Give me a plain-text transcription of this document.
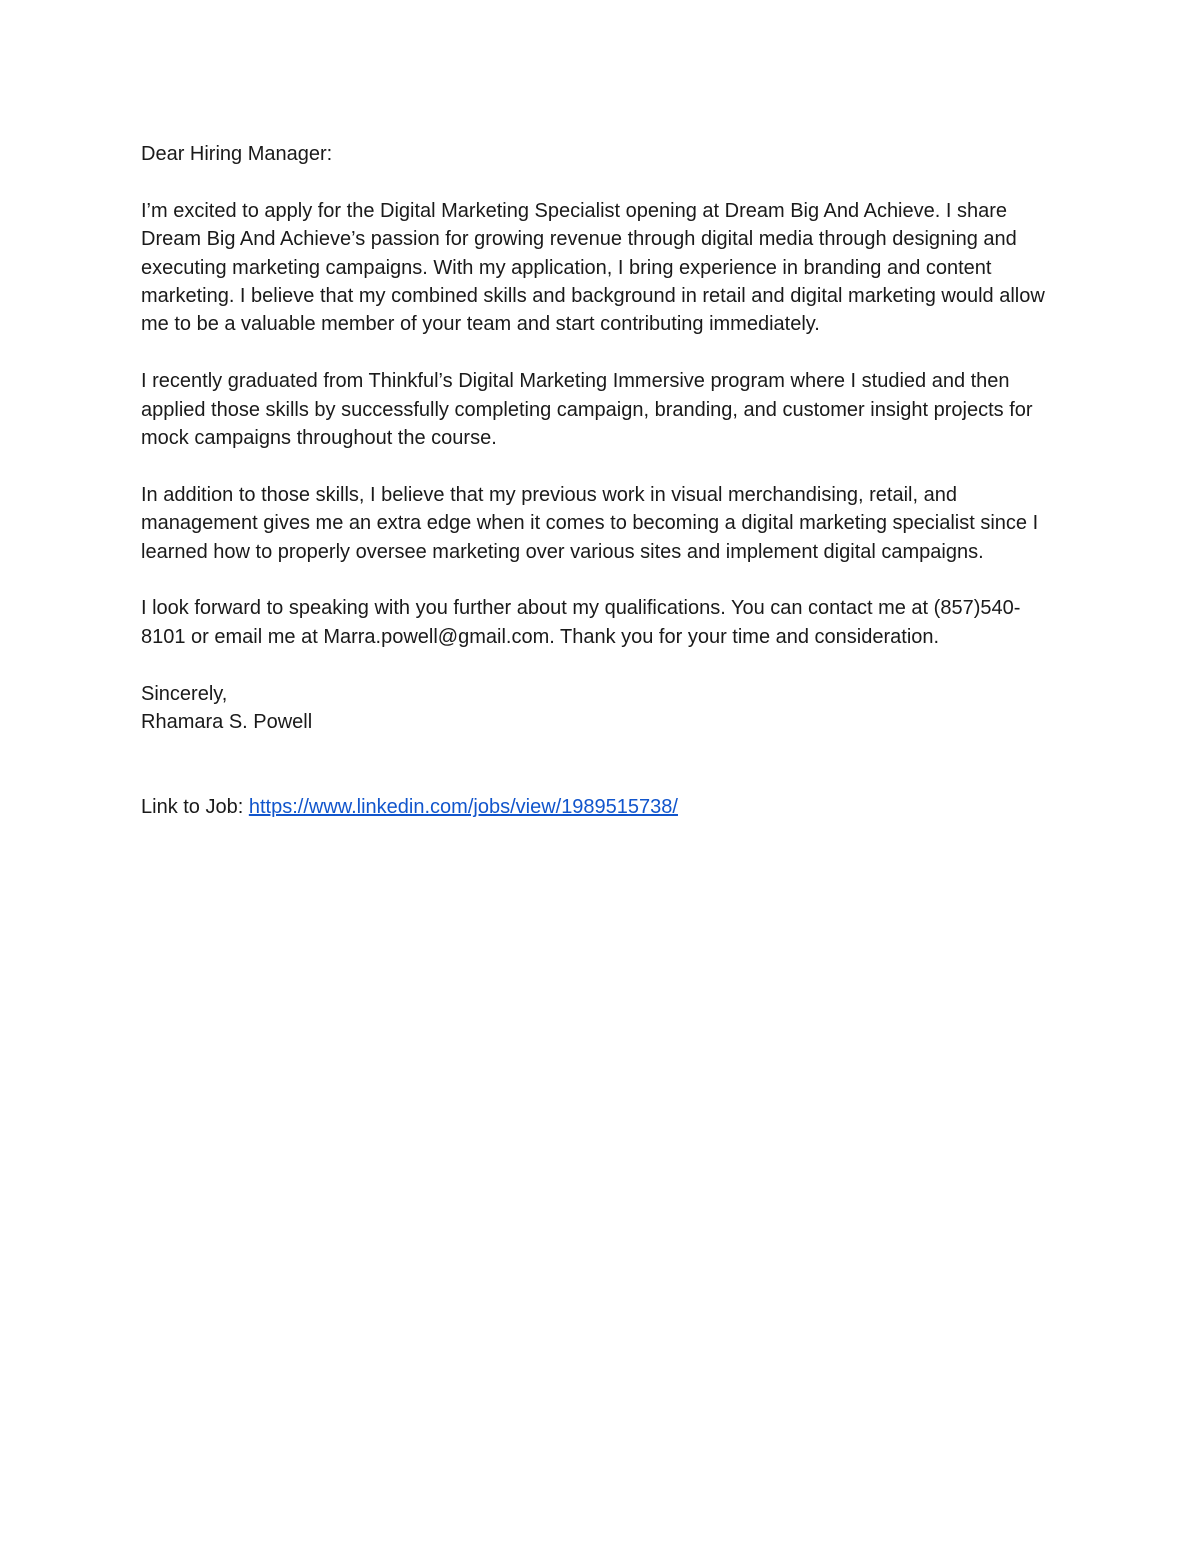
Dear Hiring Manager:

I’m excited to apply for the Digital Marketing Specialist opening at Dream Big And Achieve. I share Dream Big And Achieve’s passion for growing revenue through digital media through designing and executing marketing campaigns. With my application, I bring experience in branding and content marketing. I believe that my combined skills and background in retail and digital marketing would allow me to be a valuable member of your team and start contributing immediately.

I recently graduated from Thinkful’s Digital Marketing Immersive program where I studied and then applied those skills by successfully completing campaign, branding, and customer insight projects for mock campaigns throughout the course.

In addition to those skills, I believe that my previous work in visual merchandising, retail, and management gives me an extra edge when it comes to becoming a digital marketing specialist since I learned how to properly oversee marketing over various sites and implement digital campaigns.

I look forward to speaking with you further about my qualifications. You can contact me at (857)540-8101 or email me at Marra.powell@gmail.com. Thank you for your time and consideration.

Sincerely,

Rhamara S. Powell

Link to Job: https://www.linkedin.com/jobs/view/1989515738/
